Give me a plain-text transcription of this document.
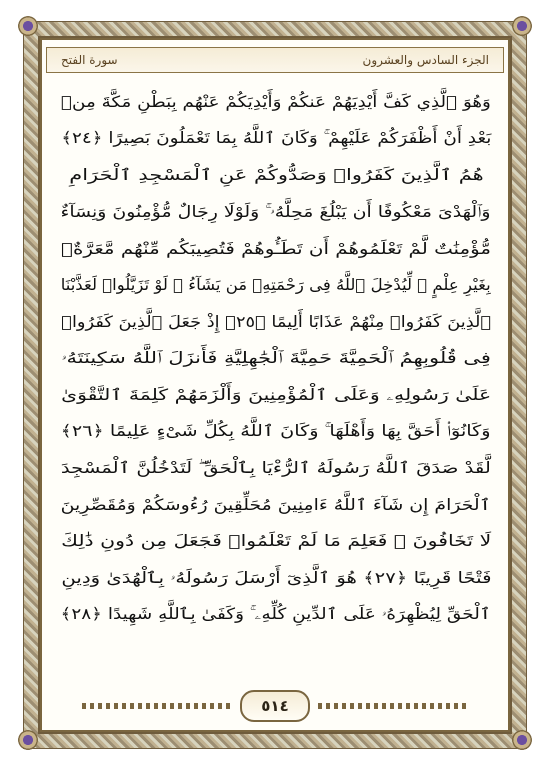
الجزء السادس والعشرون
سورة الفتح
وَهُوَ ٱلَّذِي كَفَّ أَيْدِيَهُمْ عَنكُمْ وَأَيْدِيَكُمْ عَنْهُم بِبَطْنِ مَكَّةَ مِنۢ
بَعْدِ أَنْ أَظْفَرَكُمْ عَلَيْهِمْ ۚ وَكَانَ ٱللَّهُ بِمَا تَعْمَلُونَ بَصِيرًا ﴿٢٤﴾
هُمُ ٱلَّذِينَ كَفَرُوا۟ وَصَدُّوكُمْ عَنِ ٱلْمَسْجِدِ ٱلْحَرَامِ
وَٱلْهَدْىَ مَعْكُوفًا أَن يَبْلُغَ مَحِلَّهُۥ ۚ وَلَوْلَا رِجَالٌ مُّؤْمِنُونَ وَنِسَآءٌ
مُّؤْمِنَٰتٌ لَّمْ تَعْلَمُوهُمْ أَن تَطَـُٔوهُمْ فَتُصِيبَكُم مِّنْهُم مَّعَرَّةٌۢ
بِغَيْرِ عِلْمٍ ۖ لِّيُدْخِلَ ٱللَّهُ فِى رَحْمَتِهِۦ مَن يَشَآءُ ۚ لَوْ تَزَيَّلُوا۟ لَعَذَّبْنَا
ٱلَّذِينَ كَفَرُوا۟ مِنْهُمْ عَذَابًا أَلِيمًا ﴿٢٥﴾ إِذْ جَعَلَ ٱلَّذِينَ كَفَرُوا۟
فِى قُلُوبِهِمُ ٱلْحَمِيَّةَ حَمِيَّةَ ٱلْجَٰهِلِيَّةِ فَأَنزَلَ ٱللَّهُ سَكِينَتَهُۥ
عَلَىٰ رَسُولِهِۦ وَعَلَى ٱلْمُؤْمِنِينَ وَأَلْزَمَهُمْ كَلِمَةَ ٱلتَّقْوَىٰ
وَكَانُوٓا۟ أَحَقَّ بِهَا وَأَهْلَهَا ۚ وَكَانَ ٱللَّهُ بِكُلِّ شَىْءٍ عَلِيمًا ﴿٢٦﴾
لَّقَدْ صَدَقَ ٱللَّهُ رَسُولَهُ ٱلرُّءْيَا بِٱلْحَقِّ ۖ لَتَدْخُلُنَّ ٱلْمَسْجِدَ
ٱلْحَرَامَ إِن شَآءَ ٱللَّهُ ءَامِنِينَ مُحَلِّقِينَ رُءُوسَكُمْ وَمُقَصِّرِينَ
لَا تَخَافُونَ ۖ فَعَلِمَ مَا لَمْ تَعْلَمُوا۟ فَجَعَلَ مِن دُونِ ذَٰلِكَ
فَتْحًا قَرِيبًا ﴿٢٧﴾ هُوَ ٱلَّذِىٓ أَرْسَلَ رَسُولَهُۥ بِٱلْهُدَىٰ وَدِينِ
ٱلْحَقِّ لِيُظْهِرَهُۥ عَلَى ٱلدِّينِ كُلِّهِۦ ۚ وَكَفَىٰ بِٱللَّهِ شَهِيدًا ﴿٢٨﴾
٥١٤
